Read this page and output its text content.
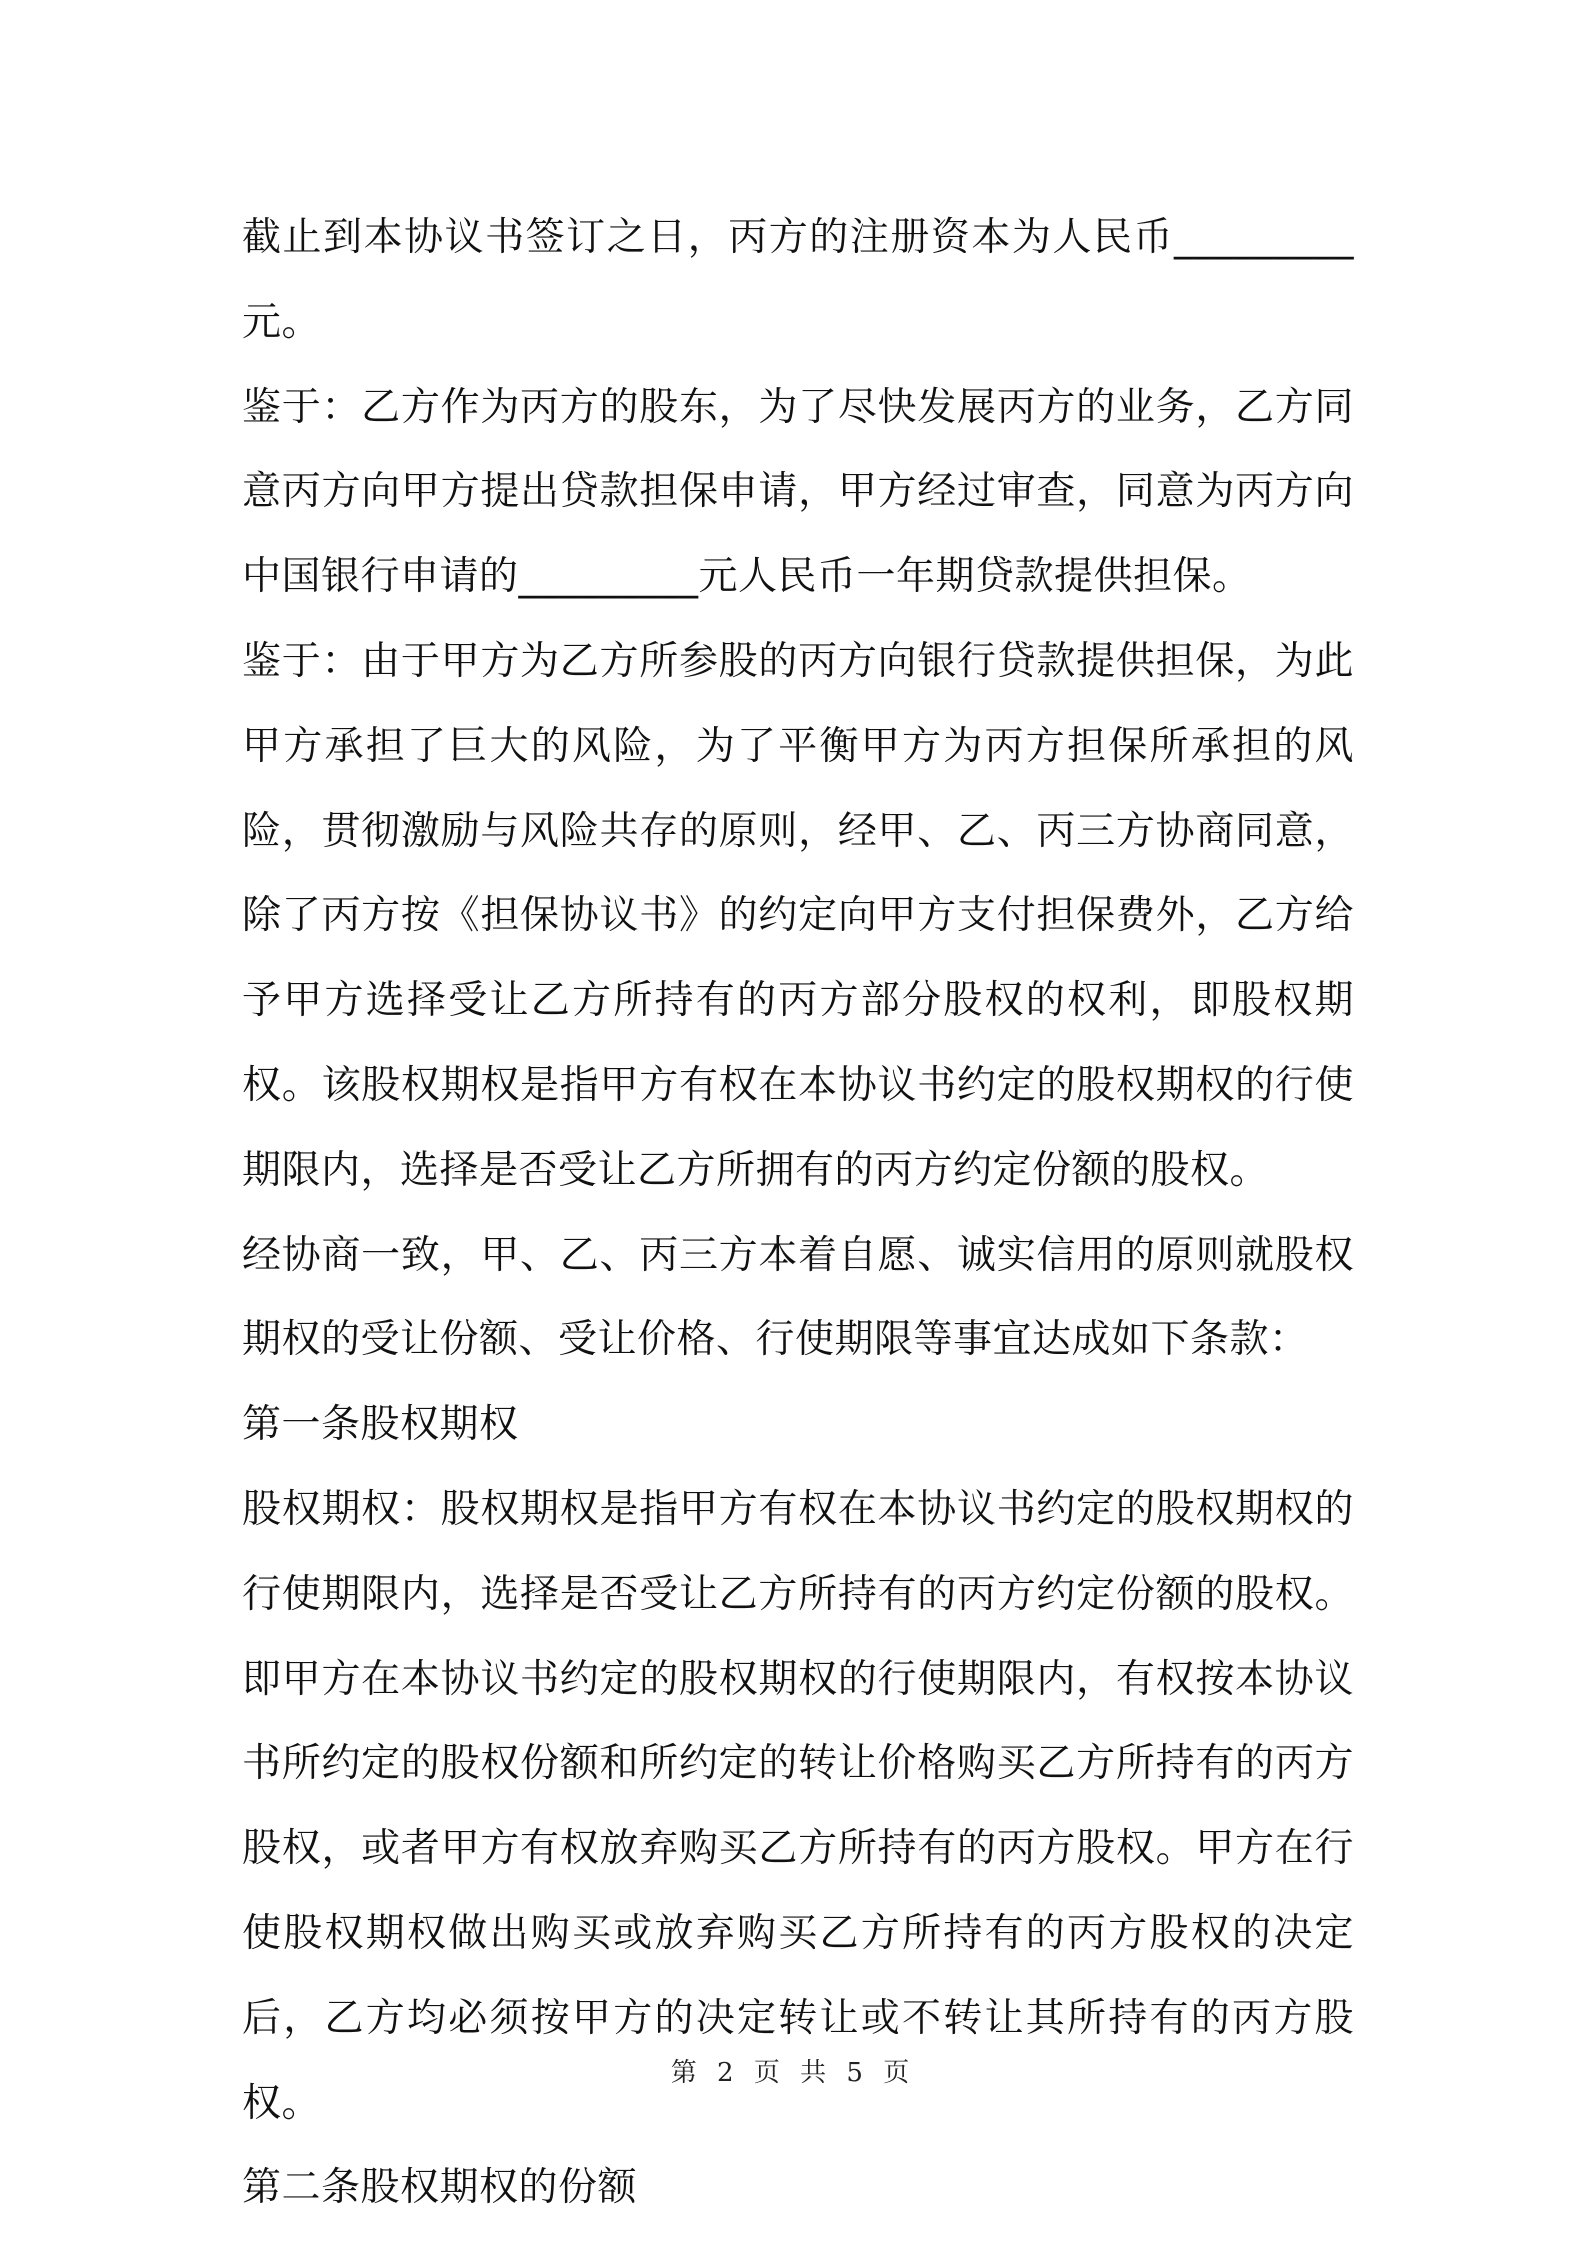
截止到本协议书签订之日，丙方的注册资本为人民币_________元。

鉴于：乙方作为丙方的股东，为了尽快发展丙方的业务，乙方同意丙方向甲方提出贷款担保申请，甲方经过审查，同意为丙方向中国银行申请的_________元人民币一年期贷款提供担保。

鉴于：由于甲方为乙方所参股的丙方向银行贷款提供担保，为此甲方承担了巨大的风险，为了平衡甲方为丙方担保所承担的风险，贯彻激励与风险共存的原则，经甲、乙、丙三方协商同意，除了丙方按《担保协议书》的约定向甲方支付担保费外，乙方给予甲方选择受让乙方所持有的丙方部分股权的权利，即股权期权。该股权期权是指甲方有权在本协议书约定的股权期权的行使期限内，选择是否受让乙方所拥有的丙方约定份额的股权。

经协商一致，甲、乙、丙三方本着自愿、诚实信用的原则就股权期权的受让份额、受让价格、行使期限等事宜达成如下条款：

第一条股权期权

股权期权：股权期权是指甲方有权在本协议书约定的股权期权的行使期限内，选择是否受让乙方所持有的丙方约定份额的股权。即甲方在本协议书约定的股权期权的行使期限内，有权按本协议书所约定的股权份额和所约定的转让价格购买乙方所持有的丙方股权，或者甲方有权放弃购买乙方所持有的丙方股权。甲方在行使股权期权做出购买或放弃购买乙方所持有的丙方股权的决定后，乙方均必须按甲方的决定转让或不转让其所持有的丙方股权。

第二条股权期权的份额

第 2 页 共 5 页
